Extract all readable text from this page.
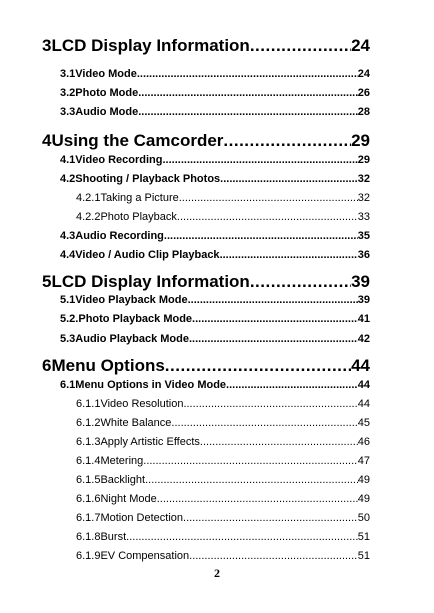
3 LCD Display Information .....	24
3.1 Video Mode .....	24
3.2 Photo Mode .....	26
3.3 Audio Mode .....	28
4 Using the Camcorder .....	29
4.1 Video Recording .....	29
4.2 Shooting / Playback Photos .....	32
4.2.1 Taking a Picture .....	32
4.2.2 Photo Playback .....	33
4.3 Audio Recording .....	35
4.4 Video / Audio Clip Playback .....	36
5 LCD Display Information .....	39
5.1 Video Playback Mode .....	39
5.2 .Photo Playback Mode .....	41
5.3 Audio Playback Mode .....	42
6 Menu Options .....	44
6.1 Menu Options in Video Mode .....	44
6.1.1 Video Resolution .....	44
6.1.2 White Balance .....	45
6.1.3 Apply Artistic Effects .....	46
6.1.4 Metering .....	47
6.1.5 Backlight .....	49
6.1.6 Night Mode .....	49
6.1.7 Motion Detection .....	50
6.1.8 Burst .....	51
6.1.9 EV Compensation .....	51
2
